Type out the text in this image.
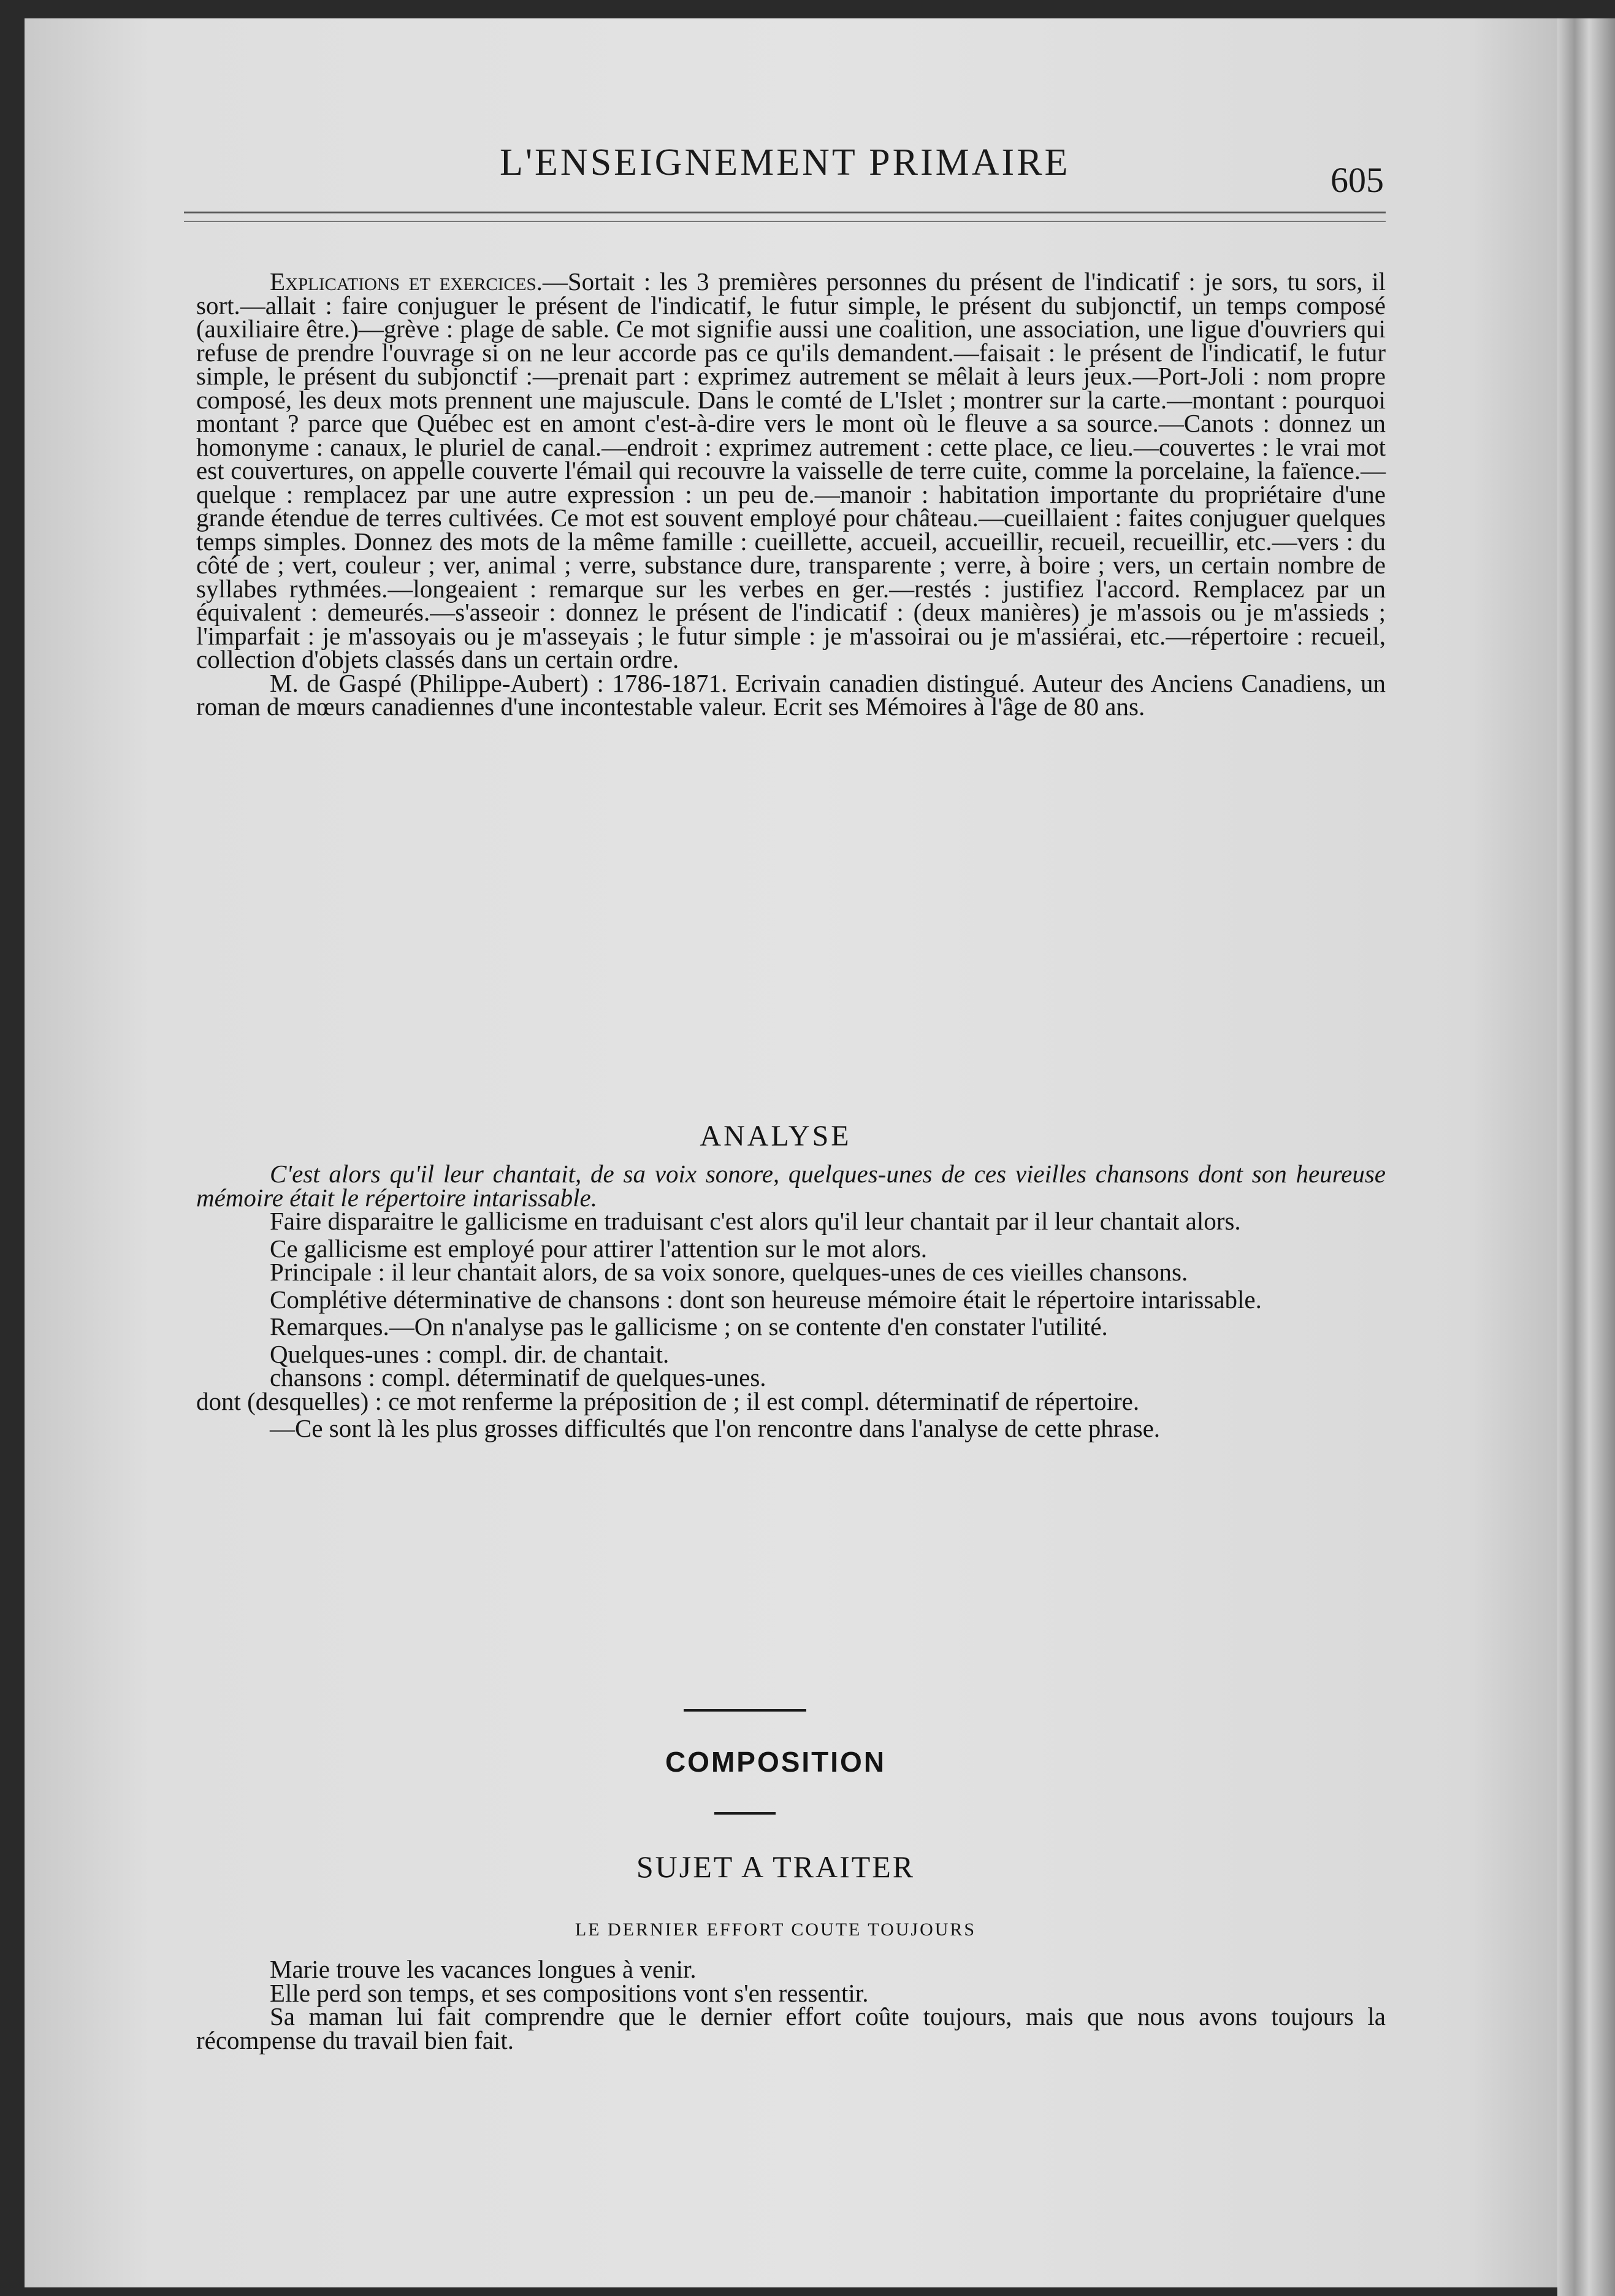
L'ENSEIGNEMENT PRIMAIRE	605

Explications et exercices.—Sortait : les 3 premières personnes du présent de l'indicatif : je sors, tu sors, il sort.—allait : faire conjuguer le présent de l'indicatif, le futur simple, le présent du subjonctif, un temps composé (auxiliaire être.)—grève : plage de sable. Ce mot signifie aussi une coalition, une association, une ligue d'ouvriers qui refuse de prendre l'ouvrage si on ne leur accorde pas ce qu'ils demandent.—faisait : le présent de l'indicatif, le futur simple, le présent du subjonctif :—prenait part : exprimez autrement se mêlait à leurs jeux.—Port-Joli : nom propre composé, les deux mots prennent une majuscule. Dans le comté de L'Islet ; montrer sur la carte.—montant : pourquoi montant ? parce que Québec est en amont c'est-à-dire vers le mont où le fleuve a sa source.—Canots : donnez un homonyme : canaux, le pluriel de canal.—endroit : exprimez autrement : cette place, ce lieu.—couvertes : le vrai mot est couvertures, on appelle couverte l'émail qui recouvre la vaisselle de terre cuite, comme la porcelaine, la faïence.—quelque : remplacez par une autre expression : un peu de.—manoir : habitation importante du propriétaire d'une grande étendue de terres cultivées. Ce mot est souvent employé pour château.—cueillaient : faites conjuguer quelques temps simples. Donnez des mots de la même famille : cueillette, accueil, accueillir, recueil, recueillir, etc.—vers : du côté de ; vert, couleur ; ver, animal ; verre, substance dure, transparente ; verre, à boire ; vers, un certain nombre de syllabes rythmées.—longeaient : remarque sur les verbes en ger.—restés : justifiez l'accord. Remplacez par un équivalent : demeurés.—s'asseoir : donnez le présent de l'indicatif : (deux manières) je m'assois ou je m'assieds ; l'imparfait : je m'assoyais ou je m'asseyais ; le futur simple : je m'assoirai ou je m'assiérai, etc.—répertoire : recueil, collection d'objets classés dans un certain ordre.

M. de Gaspé (Philippe-Aubert) : 1786-1871. Ecrivain canadien distingué. Auteur des Anciens Canadiens, un roman de mœurs canadiennes d'une incontestable valeur. Ecrit ses Mémoires à l'âge de 80 ans.

ANALYSE

C'est alors qu'il leur chantait, de sa voix sonore, quelques-unes de ces vieilles chansons dont son heureuse mémoire était le répertoire intarissable.

Faire disparaitre le gallicisme en traduisant c'est alors qu'il leur chantait par il leur chantait alors.

Ce gallicisme est employé pour attirer l'attention sur le mot alors.

Principale : il leur chantait alors, de sa voix sonore, quelques-unes de ces vieilles chansons.

Complétive déterminative de chansons : dont son heureuse mémoire était le répertoire intarissable.

Remarques.—On n'analyse pas le gallicisme ; on se contente d'en constater l'utilité.

Quelques-unes : compl. dir. de chantait.

chansons : compl. déterminatif de quelques-unes.

dont (desquelles) : ce mot renferme la préposition de ; il est compl. déterminatif de répertoire.

—Ce sont là les plus grosses difficultés que l'on rencontre dans l'analyse de cette phrase.

COMPOSITION
SUJET A TRAITER
LE DERNIER EFFORT COUTE TOUJOURS

Marie trouve les vacances longues à venir.

Elle perd son temps, et ses compositions vont s'en ressentir.

Sa maman lui fait comprendre que le dernier effort coûte toujours, mais que nous avons toujours la récompense du travail bien fait.
